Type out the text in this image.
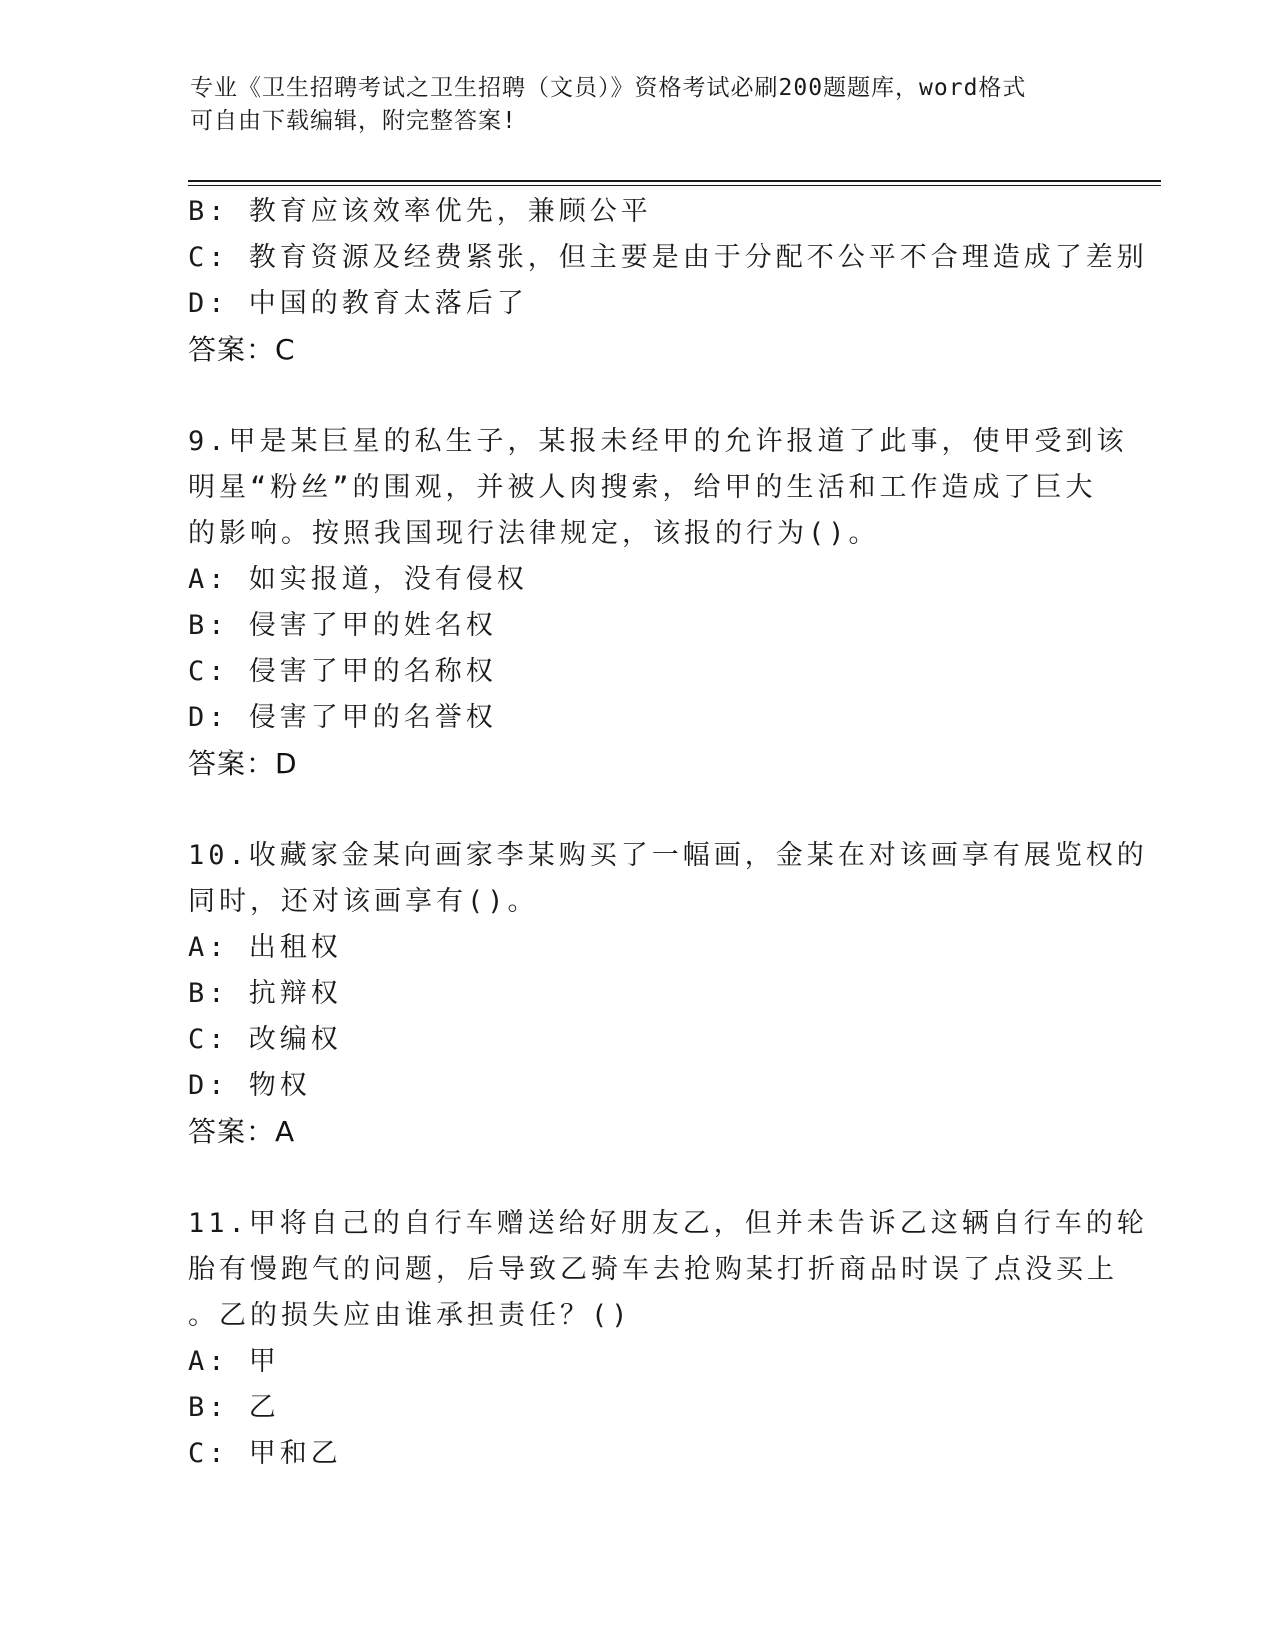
专业《卫生招聘考试之卫生招聘（文员）》资格考试必刷200题题库，word格式
可自由下载编辑，附完整答案!
B: 教育应该效率优先，兼顾公平
C: 教育资源及经费紧张，但主要是由于分配不公平不合理造成了差别
D: 中国的教育太落后了
答案：C
9.甲是某巨星的私生子，某报未经甲的允许报道了此事，使甲受到该
明星“粉丝”的围观，并被人肉搜索，给甲的生活和工作造成了巨大
的影响。按照我国现行法律规定，该报的行为()。
A: 如实报道，没有侵权
B: 侵害了甲的姓名权
C: 侵害了甲的名称权
D: 侵害了甲的名誉权
答案：D
10.收藏家金某向画家李某购买了一幅画，金某在对该画享有展览权的
同时，还对该画享有()。
A: 出租权
B: 抗辩权
C: 改编权
D: 物权
答案：A
11.甲将自己的自行车赠送给好朋友乙，但并未告诉乙这辆自行车的轮
胎有慢跑气的问题，后导致乙骑车去抢购某打折商品时误了点没买上
。乙的损失应由谁承担责任？()
A: 甲
B: 乙
C: 甲和乙
